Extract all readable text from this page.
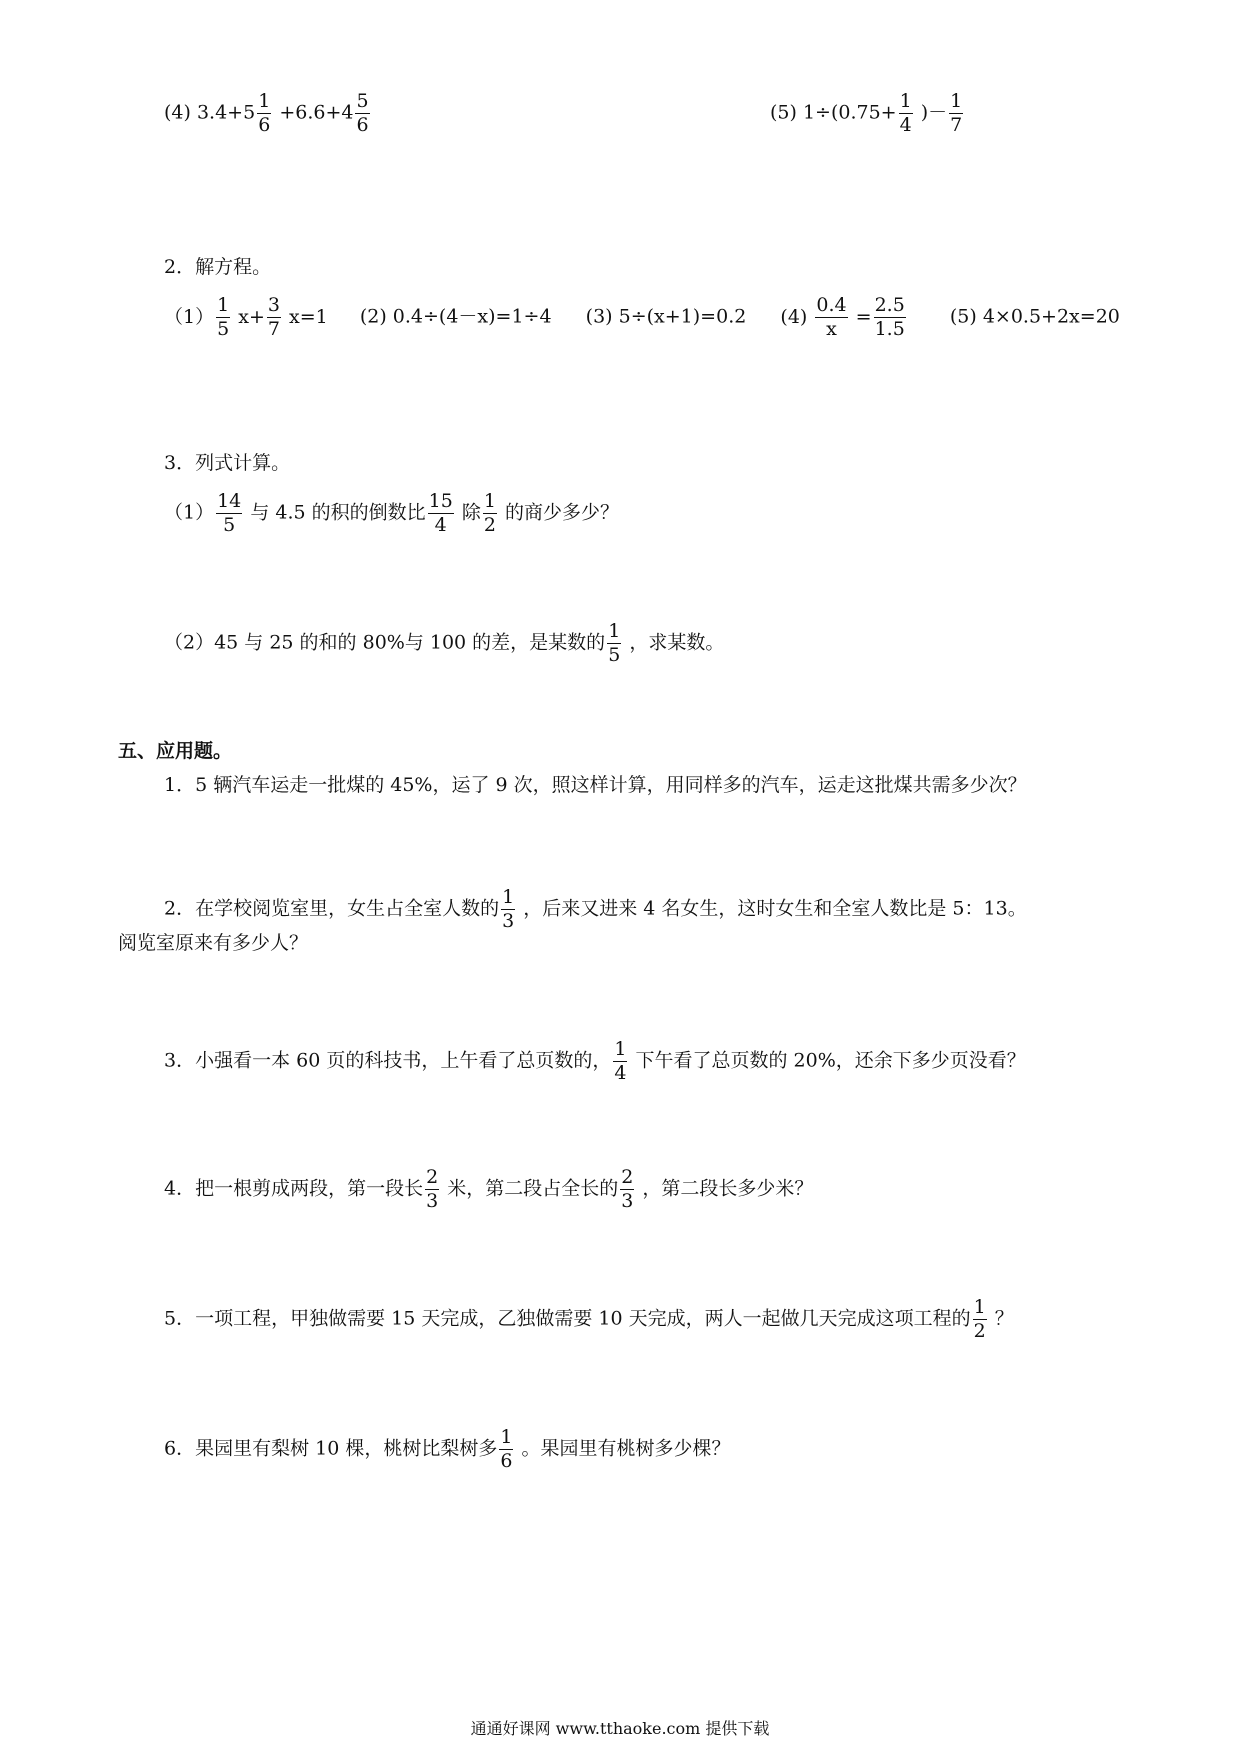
(4) $3.4+5 \frac{1}{6} +6.6+4 \frac{5}{6}$	(5) $1\div(0.75+ \frac{1}{4}$ )－ $\frac{1}{7}$
2．解方程。
$(1) \frac{1}{5} x+ \frac{3}{7} x=1$ (2) 0.4÷(4－x)=1÷4 (3) 5÷(x+1)=0.2 $(4) \frac{0.4}{x} = \frac{2.5}{1.5} (5)$ 4×0.5+2x=20
3．列式计算。
$(1) \frac{14}{5}$ 与 4.5 的积的倒数比 $\frac{15}{4}$ 除 $\frac{1}{2}$ 的商少多少？
（2）45 与 25 的和的 80%与 100 的差，是某数的 $\frac{1}{5}$ ，求某数。
五、应用题。
1．5 辆汽车运走一批煤的 45%，运了 9 次，照这样计算，用同样多的汽车，运走这批煤共需多少次？
2．在学校阅览室里，女生占全室人数的 $\frac{1}{3}$ ，后来又进来 4 名女生，这时女生和全室人数比是 5：13。
阅览室原来有多少人？
3．小强看一本 60 页的科技书，上午看了总页数的， $\frac{1}{4}$ 下午看了总页数的 20%，还余下多少页没看？
4．把一根剪成两段，第一段长 $\frac{2}{3}$ 米，第二段占全长的 $\frac{2}{3}$ ，第二段长多少米？
5．一项工程，甲独做需要 15 天完成，乙独做需要 10 天完成，两人一起做几天完成这项工程的 $\frac{1}{2}$ ？
6．果园里有梨树 10 棵，桃树比梨树多 $\frac{1}{6}$ 。果园里有桃树多少棵？
通通好课网 www.tthaoke.com 提供下载
